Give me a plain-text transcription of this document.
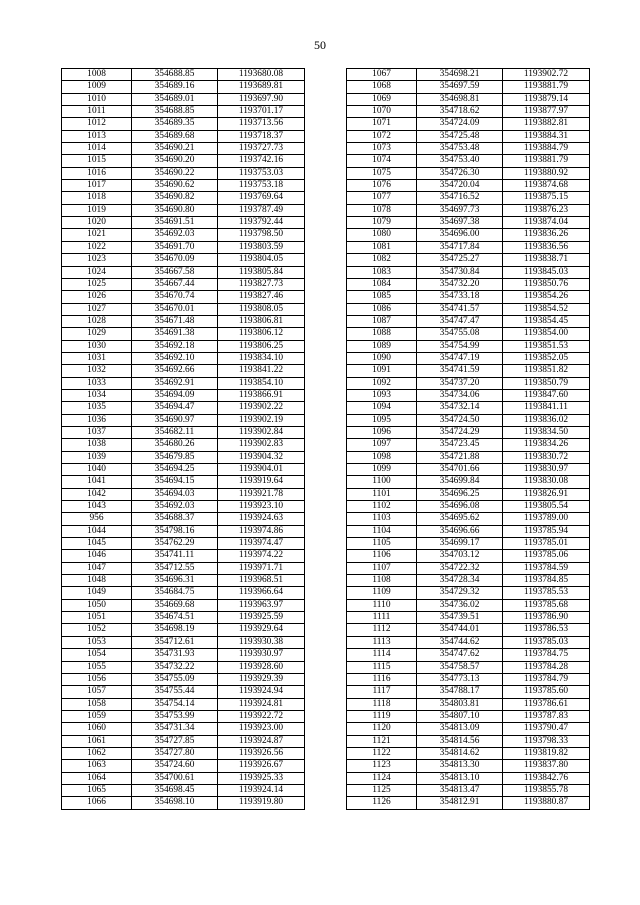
50
1008	354688.85	1193680.08
1009	354689.16	1193689.81
1010	354689.01	1193697.90
1011	354688.85	1193701.17
1012	354689.35	1193713.56
1013	354689.68	1193718.37
1014	354690.21	1193727.73
1015	354690.20	1193742.16
1016	354690.22	1193753.03
1017	354690.62	1193753.18
1018	354690.82	1193769.64
1019	354690.80	1193787.49
1020	354691.51	1193792.44
1021	354692.03	1193798.50
1022	354691.70	1193803.59
1023	354670.09	1193804.05
1024	354667.58	1193805.84
1025	354667.44	1193827.73
1026	354670.74	1193827.46
1027	354670.01	1193808.05
1028	354671.48	1193806.81
1029	354691.38	1193806.12
1030	354692.18	1193806.25
1031	354692.10	1193834.10
1032	354692.66	1193841.22
1033	354692.91	1193854.10
1034	354694.09	1193866.91
1035	354694.47	1193902.22
1036	354690.97	1193902.19
1037	354682.11	1193902.84
1038	354680.26	1193902.83
1039	354679.85	1193904.32
1040	354694.25	1193904.01
1041	354694.15	1193919.64
1042	354694.03	1193921.78
1043	354692.03	1193923.10
956	354688.37	1193924.63
1044	354798.16	1193974.86
1045	354762.29	1193974.47
1046	354741.11	1193974.22
1047	354712.55	1193971.71
1048	354696.31	1193968.51
1049	354684.75	1193966.64
1050	354669.68	1193963.97
1051	354674.51	1193925.59
1052	354698.19	1193929.64
1053	354712.61	1193930.38
1054	354731.93	1193930.97
1055	354732.22	1193928.60
1056	354755.09	1193929.39
1057	354755.44	1193924.94
1058	354754.14	1193924.81
1059	354753.99	1193922.72
1060	354731.34	1193923.00
1061	354727.85	1193924.87
1062	354727.80	1193926.56
1063	354724.60	1193926.67
1064	354700.61	1193925.33
1065	354698.45	1193924.14
1066	354698.10	1193919.80
1067	354698.21	1193902.72
1068	354697.59	1193881.79
1069	354698.81	1193879.14
1070	354718.62	1193877.97
1071	354724.09	1193882.81
1072	354725.48	1193884.31
1073	354753.48	1193884.79
1074	354753.40	1193881.79
1075	354726.30	1193880.92
1076	354720.04	1193874.68
1077	354716.52	1193875.15
1078	354697.73	1193876.23
1079	354697.38	1193874.04
1080	354696.00	1193836.26
1081	354717.84	1193836.56
1082	354725.27	1193838.71
1083	354730.84	1193845.03
1084	354732.20	1193850.76
1085	354733.18	1193854.26
1086	354741.57	1193854.52
1087	354747.47	1193854.45
1088	354755.08	1193854.00
1089	354754.99	1193851.53
1090	354747.19	1193852.05
1091	354741.59	1193851.82
1092	354737.20	1193850.79
1093	354734.06	1193847.60
1094	354732.14	1193841.11
1095	354724.50	1193836.02
1096	354724.29	1193834.50
1097	354723.45	1193834.26
1098	354721.88	1193830.72
1099	354701.66	1193830.97
1100	354699.84	1193830.08
1101	354696.25	1193826.91
1102	354696.08	1193805.54
1103	354695.62	1193789.00
1104	354696.66	1193785.94
1105	354699.17	1193785.01
1106	354703.12	1193785.06
1107	354722.32	1193784.59
1108	354728.34	1193784.85
1109	354729.32	1193785.53
1110	354736.02	1193785.68
1111	354739.51	1193786.90
1112	354744.01	1193786.53
1113	354744.62	1193785.03
1114	354747.62	1193784.75
1115	354758.57	1193784.28
1116	354773.13	1193784.79
1117	354788.17	1193785.60
1118	354803.81	1193786.61
1119	354807.10	1193787.83
1120	354813.09	1193790.47
1121	354814.56	1193798.33
1122	354814.62	1193819.82
1123	354813.30	1193837.80
1124	354813.10	1193842.76
1125	354813.47	1193855.78
1126	354812.91	1193880.87
